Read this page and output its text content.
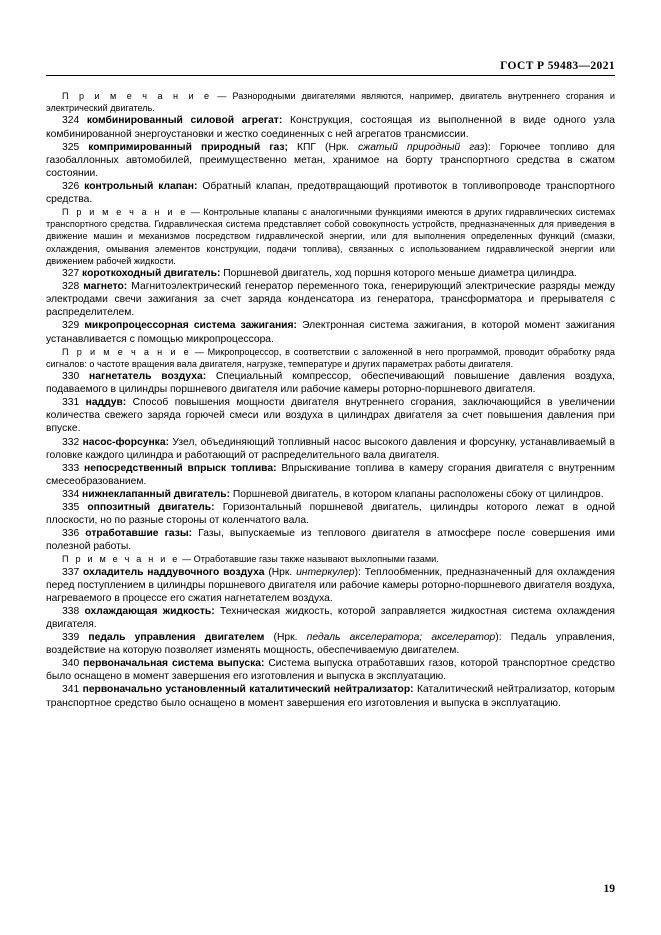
ГОСТ Р 59483—2021

П р и м е ч а н и е — Разнородными двигателями являются, например, двигатель внутреннего сгорания и электрический двигатель.

324 комбинированный силовой агрегат: Конструкция, состоящая из выполненной в виде одного узла комбинированной энергоустановки и жестко соединенных с ней агрегатов трансмиссии.

325 компримированный природный газ; КПГ (Нрк. сжатый природный газ): Горючее топливо для газобаллонных автомобилей, преимущественно метан, хранимое на борту транспортного средства в сжатом состоянии.

326 контрольный клапан: Обратный клапан, предотвращающий противоток в топливопроводе транспортного средства.

П р и м е ч а н и е — Контрольные клапаны с аналогичными функциями имеются в других гидравлических системах транспортного средства. Гидравлическая система представляет собой совокупность устройств, предназначенных для приведения в движение машин и механизмов посредством гидравлической энергии, или для выполнения определенных функций (смазки, охлаждения, омывания элементов конструкции, подачи топлива), связанных с использованием гидравлической энергии или движением рабочей жидкости.

327 короткоходный двигатель: Поршневой двигатель, ход поршня которого меньше диаметра цилиндра.

328 магнето: Магнитоэлектрический генератор переменного тока, генерирующий электрические разряды между электродами свечи зажигания за счет заряда конденсатора из генератора, трансформатора и прерывателя с распределителем.

329 микропроцессорная система зажигания: Электронная система зажигания, в которой момент зажигания устанавливается с помощью микропроцессора.

П р и м е ч а н и е — Микропроцессор, в соответствии с заложенной в него программой, проводит обработку ряда сигналов: о частоте вращения вала двигателя, нагрузке, температуре и других параметрах работы двигателя.

330 нагнетатель воздуха: Специальный компрессор, обеспечивающий повышение давления воздуха, подаваемого в цилиндры поршневого двигателя или рабочие камеры роторно-поршневого двигателя.

331 наддув: Способ повышения мощности двигателя внутреннего сгорания, заключающийся в увеличении количества свежего заряда горючей смеси или воздуха в цилиндрах двигателя за счет повышения давления при впуске.

332 насос-форсунка: Узел, объединяющий топливный насос высокого давления и форсунку, устанавливаемый в головке каждого цилиндра и работающий от распределительного вала двигателя.

333 непосредственный впрыск топлива: Впрыскивание топлива в камеру сгорания двигателя с внутренним смесеобразованием.

334 нижнеклапанный двигатель: Поршневой двигатель, в котором клапаны расположены сбоку от цилиндров.

335 оппозитный двигатель: Горизонтальный поршневой двигатель, цилиндры которого лежат в одной плоскости, но по разные стороны от коленчатого вала.

336 отработавшие газы: Газы, выпускаемые из теплового двигателя в атмосфере после совершения ими полезной работы.

П р и м е ч а н и е — Отработавшие газы также называют выхлопными газами.

337 охладитель наддувочного воздуха (Нрк. интеркулер): Теплообменник, предназначенный для охлаждения перед поступлением в цилиндры поршневого двигателя или рабочие камеры роторно-поршневого двигателя воздуха, нагреваемого в процессе его сжатия нагнетателем воздуха.

338 охлаждающая жидкость: Техническая жидкость, которой заправляется жидкостная система охлаждения двигателя.

339 педаль управления двигателем (Нрк. педаль акселератора; акселератор): Педаль управления, воздействие на которую позволяет изменять мощность, обеспечиваемую двигателем.

340 первоначальная система выпуска: Система выпуска отработавших газов, которой транспортное средство было оснащено в момент завершения его изготовления и выпуска в эксплуатацию.

341 первоначально установленный каталитический нейтрализатор: Каталитический нейтрализатор, которым транспортное средство было оснащено в момент завершения его изготовления и выпуска в эксплуатацию.

19
